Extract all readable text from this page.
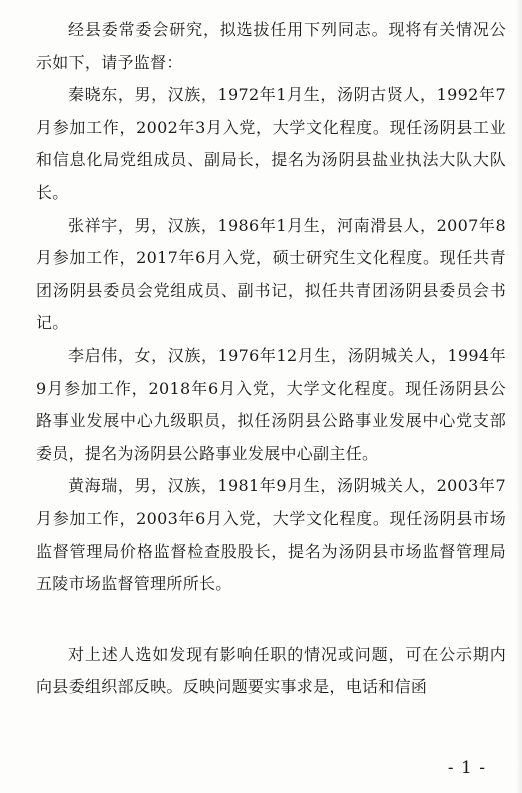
经县委常委会研究，拟选拔任用下列同志。现将有关情况公示如下，请予监督：

秦晓东，男，汉族，1972年1月生，汤阴古贤人，1992年7月参加工作，2002年3月入党，大学文化程度。现任汤阴县工业和信息化局党组成员、副局长，提名为汤阴县盐业执法大队大队长。

张祥宇，男，汉族，1986年1月生，河南滑县人，2007年8月参加工作，2017年6月入党，硕士研究生文化程度。现任共青团汤阴县委员会党组成员、副书记，拟任共青团汤阴县委员会书记。

李启伟，女，汉族，1976年12月生，汤阴城关人，1994年9月参加工作，2018年6月入党，大学文化程度。现任汤阴县公路事业发展中心九级职员，拟任汤阴县公路事业发展中心党支部委员，提名为汤阴县公路事业发展中心副主任。

黄海瑞，男，汉族，1981年9月生，汤阴城关人，2003年7月参加工作，2003年6月入党，大学文化程度。现任汤阴县市场监督管理局价格监督检查股股长，提名为汤阴县市场监督管理局五陵市场监督管理所所长。

对上述人选如发现有影响任职的情况或问题，可在公示期内向县委组织部反映。反映问题要实事求是，电话和信函

- 1 -
